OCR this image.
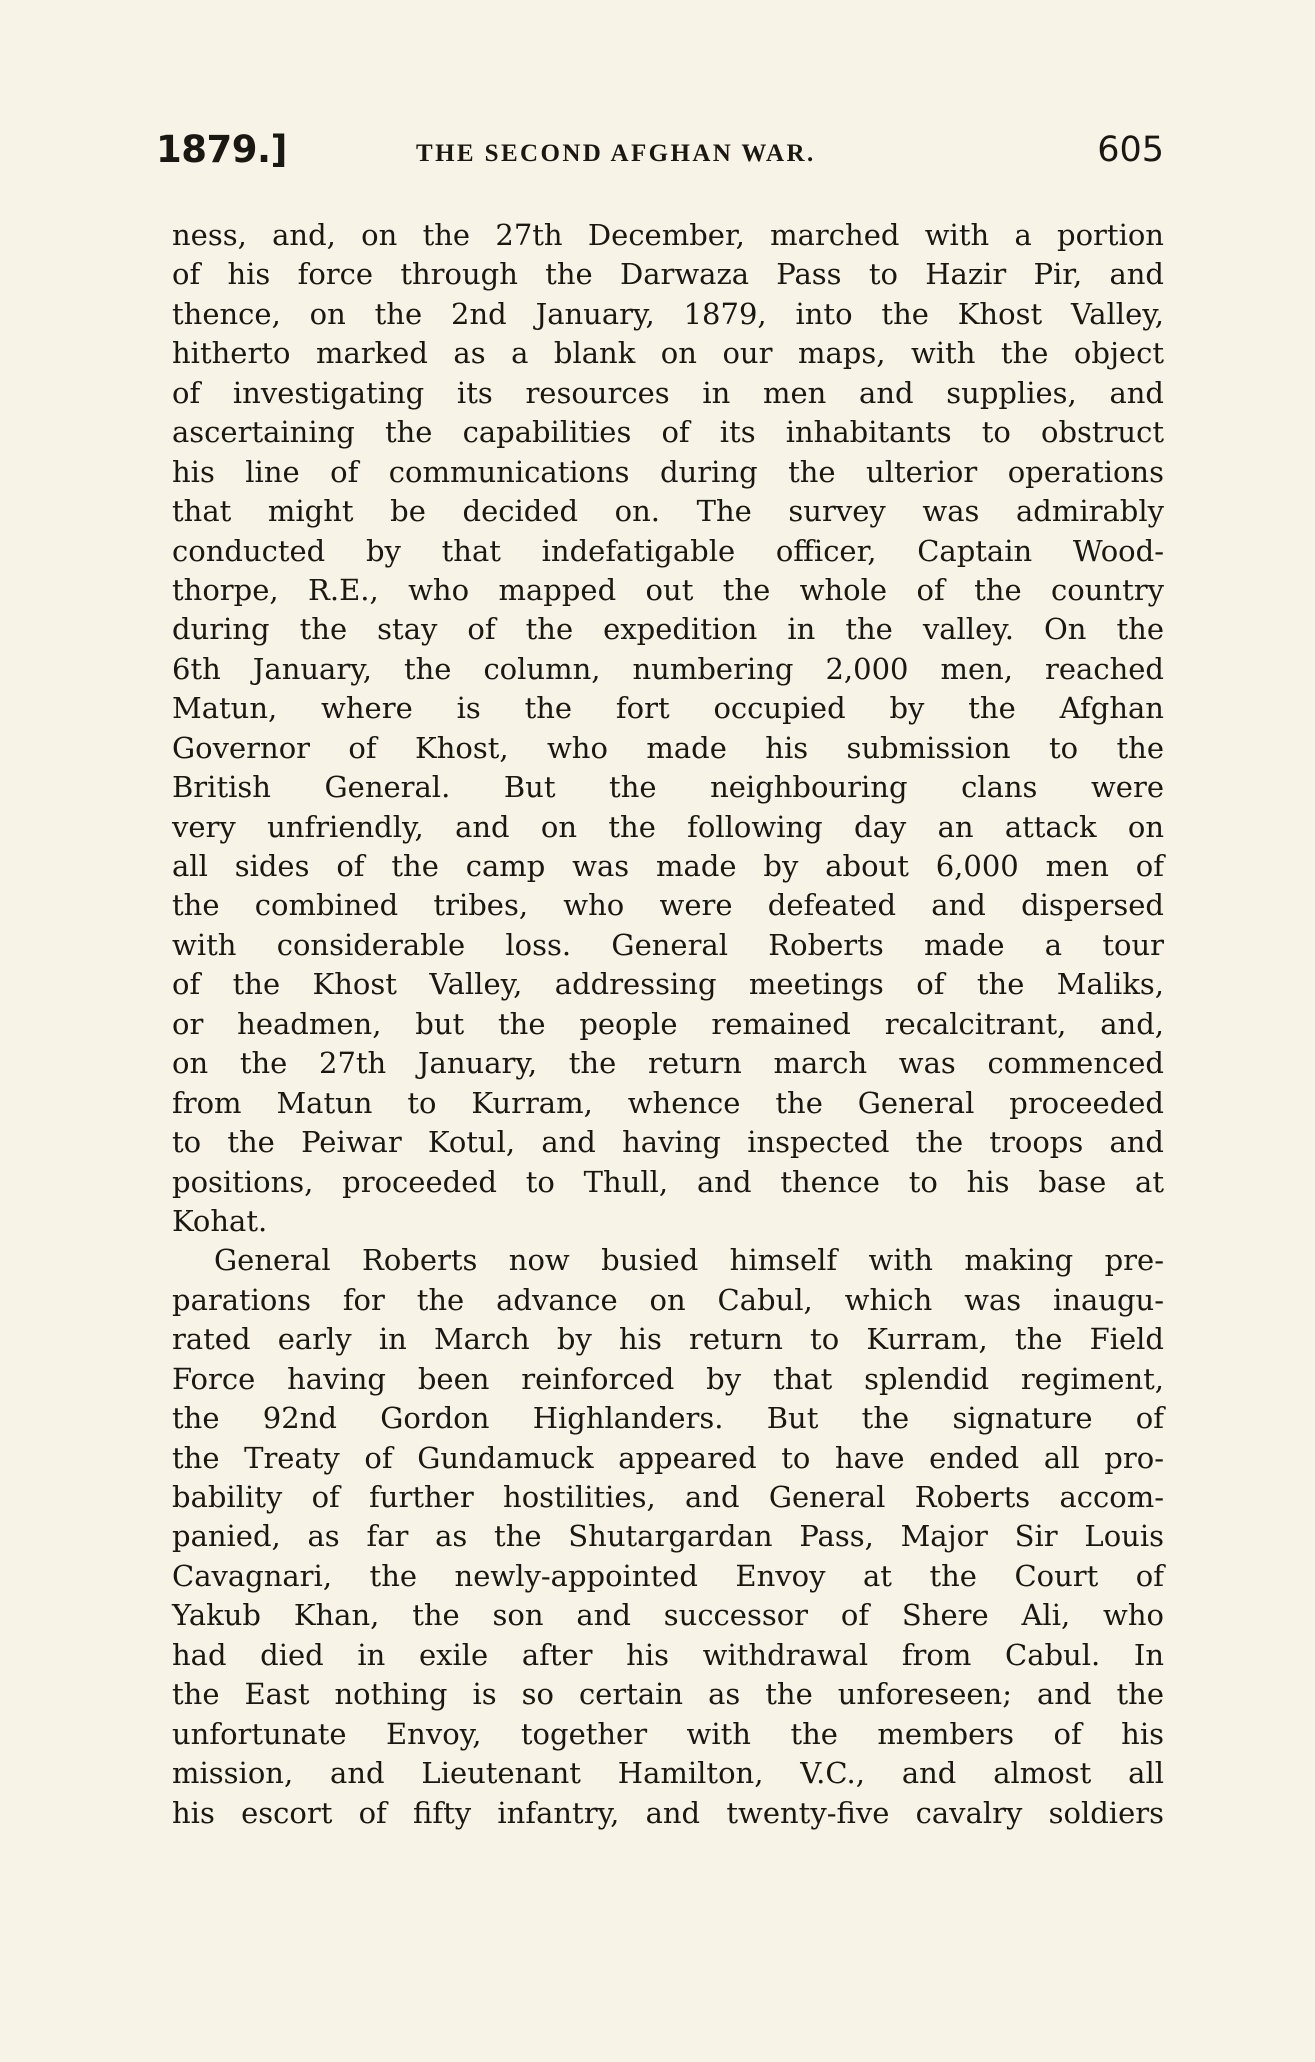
1879.]	THE SECOND AFGHAN WAR.	605
ness, and, on the 27th December, marched with a portion
of his force through the Darwaza Pass to Hazir Pir, and
thence, on the 2nd January, 1879, into the Khost Valley,
hitherto marked as a blank on our maps, with the object
of investigating its resources in men and supplies, and
ascertaining the capabilities of its inhabitants to obstruct
his line of communications during the ulterior operations
that might be decided on. The survey was admirably
conducted by that indefatigable officer, Captain Wood-
thorpe, R.E., who mapped out the whole of the country
during the stay of the expedition in the valley. On the
6th January, the column, numbering 2,000 men, reached
Matun, where is the fort occupied by the Afghan
Governor of Khost, who made his submission to the
British General. But the neighbouring clans were
very unfriendly, and on the following day an attack on
all sides of the camp was made by about 6,000 men of
the combined tribes, who were defeated and dispersed
with considerable loss. General Roberts made a tour
of the Khost Valley, addressing meetings of the Maliks,
or headmen, but the people remained recalcitrant, and,
on the 27th January, the return march was commenced
from Matun to Kurram, whence the General proceeded
to the Peiwar Kotul, and having inspected the troops and
positions, proceeded to Thull, and thence to his base at
Kohat.
General Roberts now busied himself with making pre-
parations for the advance on Cabul, which was inaugu-
rated early in March by his return to Kurram, the Field
Force having been reinforced by that splendid regiment,
the 92nd Gordon Highlanders. But the signature of
the Treaty of Gundamuck appeared to have ended all pro-
bability of further hostilities, and General Roberts accom-
panied, as far as the Shutargardan Pass, Major Sir Louis
Cavagnari, the newly-appointed Envoy at the Court of
Yakub Khan, the son and successor of Shere Ali, who
had died in exile after his withdrawal from Cabul. In
the East nothing is so certain as the unforeseen; and the
unfortunate Envoy, together with the members of his
mission, and Lieutenant Hamilton, V.C., and almost all
his escort of fifty infantry, and twenty-five cavalry soldiers
